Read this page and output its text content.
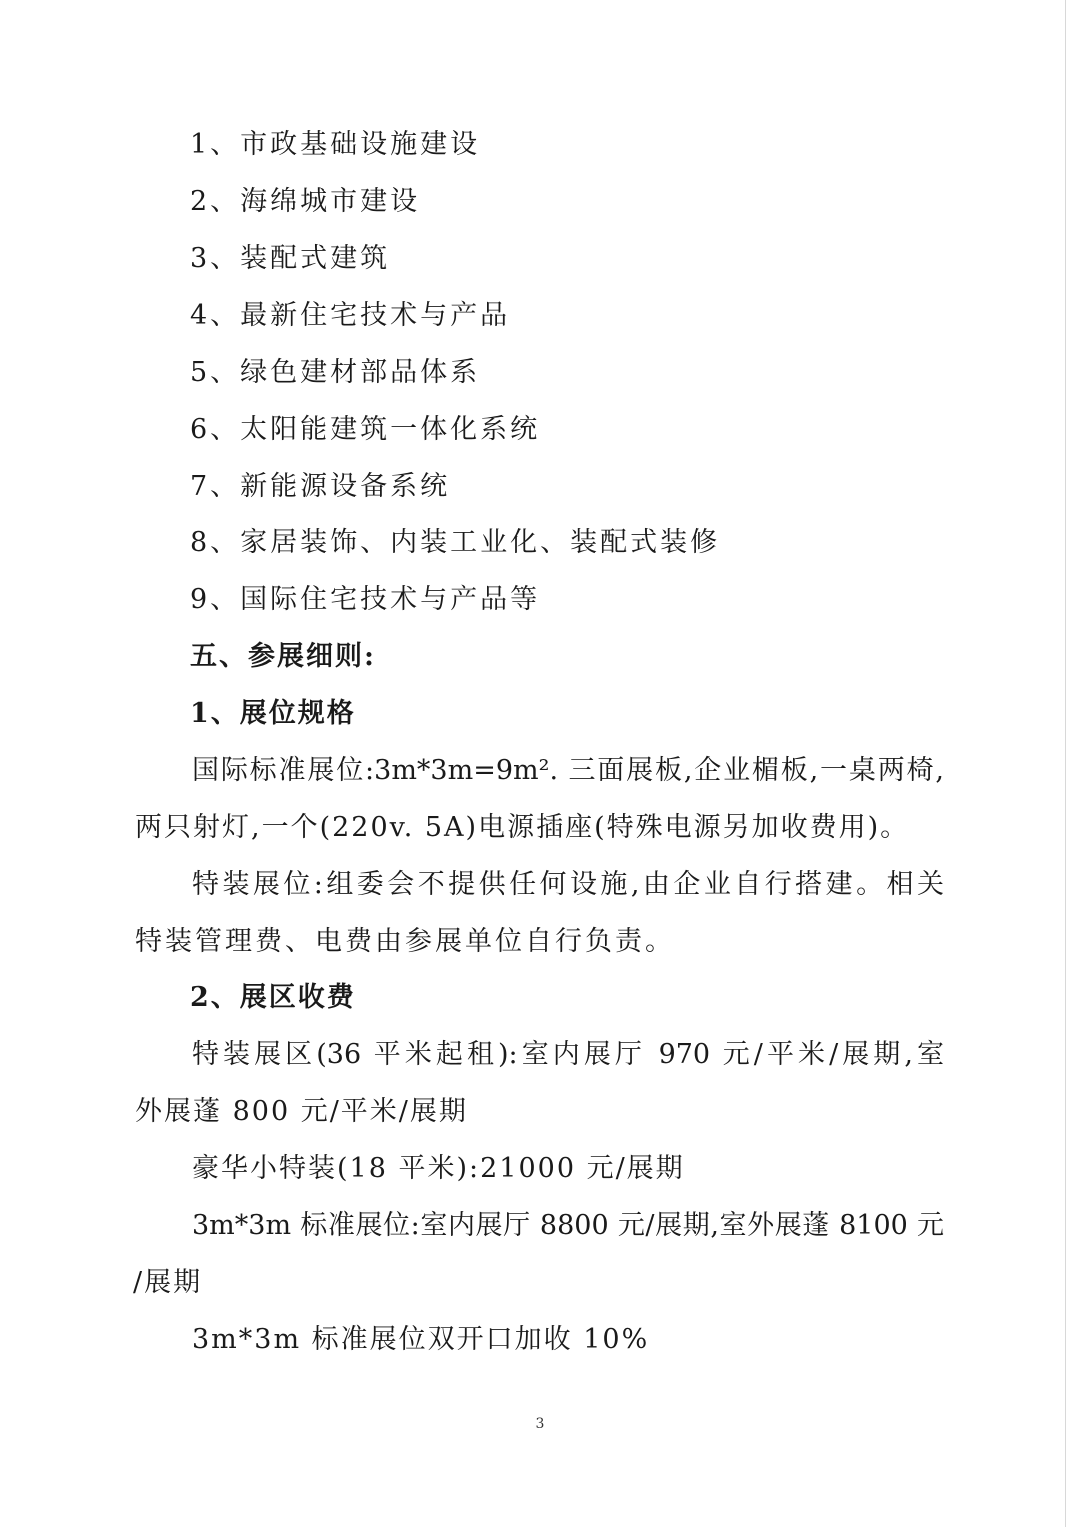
1、市政基础设施建设
2、海绵城市建设
3、装配式建筑
4、最新住宅技术与产品
5、绿色建材部品体系
6、太阳能建筑一体化系统
7、新能源设备系统
8、家居装饰、内装工业化、装配式装修
9、国际住宅技术与产品等
五、参展细则:
1、展位规格
国际标准展位:3m*3m=9m². 三面展板,企业楣板,一桌两椅,
两只射灯,一个(220v. 5A)电源插座(特殊电源另加收费用)。
特装展位:组委会不提供任何设施,由企业自行搭建。相关
特装管理费、电费由参展单位自行负责。
2、展区收费
特装展区(36 平米起租):室内展厅 970 元/平米/展期,室
外展蓬 800 元/平米/展期
豪华小特装(18 平米):21000 元/展期
3m*3m 标准展位:室内展厅 8800 元/展期,室外展蓬 8100 元
/展期
3m*3m 标准展位双开口加收 10%
3
